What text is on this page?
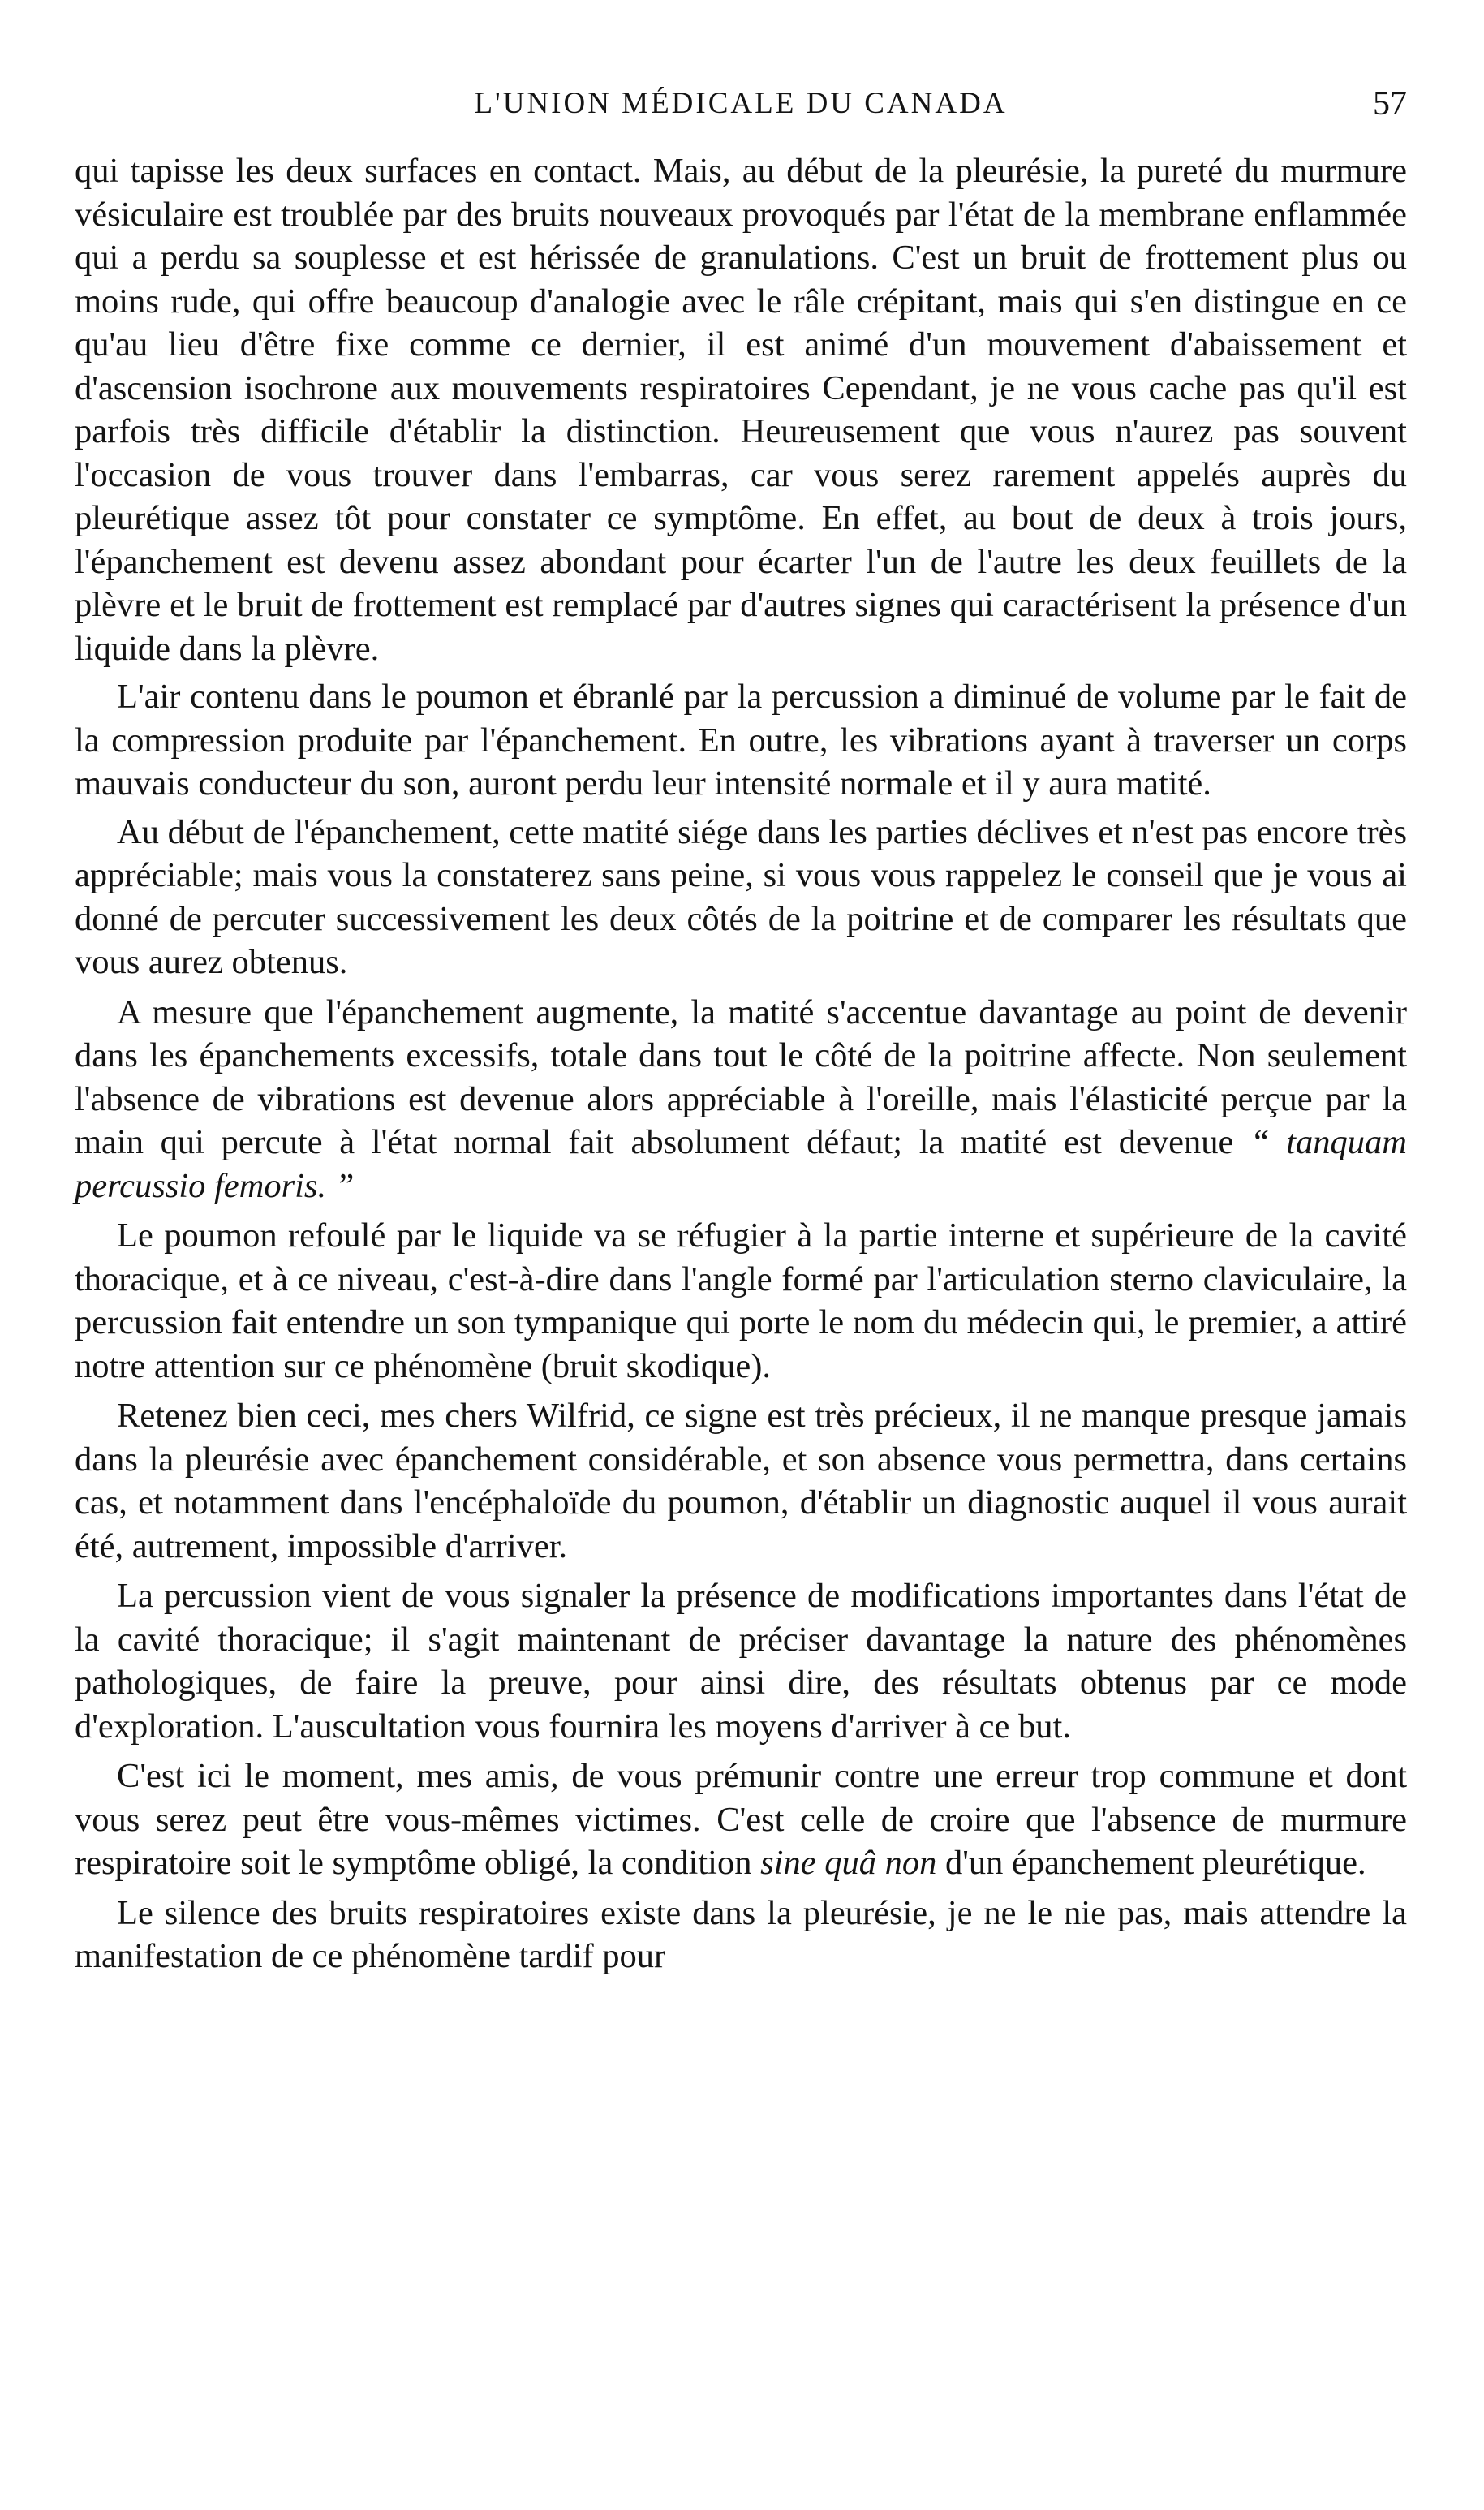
L'UNION MÉDICALE DU CANADA	57

qui tapisse les deux surfaces en contact. Mais, au début de la pleurésie, la pureté du murmure vésiculaire est troublée par des bruits nouveaux provoqués par l'état de la membrane enflammée qui a perdu sa souplesse et est hérissée de granulations. C'est un bruit de frottement plus ou moins rude, qui offre beaucoup d'analogie avec le râle crépitant, mais qui s'en distingue en ce qu'au lieu d'être fixe comme ce dernier, il est animé d'un mouvement d'abaissement et d'ascension isochrone aux mouvements respiratoires Cependant, je ne vous cache pas qu'il est parfois très difficile d'établir la distinction. Heureusement que vous n'aurez pas souvent l'occasion de vous trouver dans l'embarras, car vous serez rarement appelés auprès du pleurétique assez tôt pour constater ce symptôme. En effet, au bout de deux à trois jours, l'épanchement est devenu assez abondant pour écarter l'un de l'autre les deux feuillets de la plèvre et le bruit de frottement est remplacé par d'autres signes qui caractérisent la présence d'un liquide dans la plèvre.

L'air contenu dans le poumon et ébranlé par la percussion a diminué de volume par le fait de la compression produite par l'épanchement. En outre, les vibrations ayant à traverser un corps mauvais conducteur du son, auront perdu leur intensité normale et il y aura matité.

Au début de l'épanchement, cette matité siége dans les parties déclives et n'est pas encore très appréciable; mais vous la constaterez sans peine, si vous vous rappelez le conseil que je vous ai donné de percuter successivement les deux côtés de la poitrine et de comparer les résultats que vous aurez obtenus.

A mesure que l'épanchement augmente, la matité s'accentue davantage au point de devenir dans les épanchements excessifs, totale dans tout le côté de la poitrine affecte. Non seulement l'absence de vibrations est devenue alors appréciable à l'oreille, mais l'élasticité perçue par la main qui percute à l'état normal fait absolument défaut; la matité est devenue “ tanquam percussio femoris. ”

Le poumon refoulé par le liquide va se réfugier à la partie interne et supérieure de la cavité thoracique, et à ce niveau, c'est-à-dire dans l'angle formé par l'articulation sterno claviculaire, la percussion fait entendre un son tympanique qui porte le nom du médecin qui, le premier, a attiré notre attention sur ce phénomène (bruit skodique).

Retenez bien ceci, mes chers Wilfrid, ce signe est très précieux, il ne manque presque jamais dans la pleurésie avec épanchement considérable, et son absence vous permettra, dans certains cas, et notamment dans l'encéphaloïde du poumon, d'établir un diagnostic auquel il vous aurait été, autrement, impossible d'arriver.

La percussion vient de vous signaler la présence de modifications importantes dans l'état de la cavité thoracique; il s'agit maintenant de préciser davantage la nature des phénomènes pathologiques, de faire la preuve, pour ainsi dire, des résultats obtenus par ce mode d'exploration. L'auscultation vous fournira les moyens d'arriver à ce but.

C'est ici le moment, mes amis, de vous prémunir contre une erreur trop commune et dont vous serez peut être vous-mêmes victimes. C'est celle de croire que l'absence de murmure respiratoire soit le symptôme obligé, la condition sine quâ non d'un épanchement pleurétique.

Le silence des bruits respiratoires existe dans la pleurésie, je ne le nie pas, mais attendre la manifestation de ce phénomène tardif pour
